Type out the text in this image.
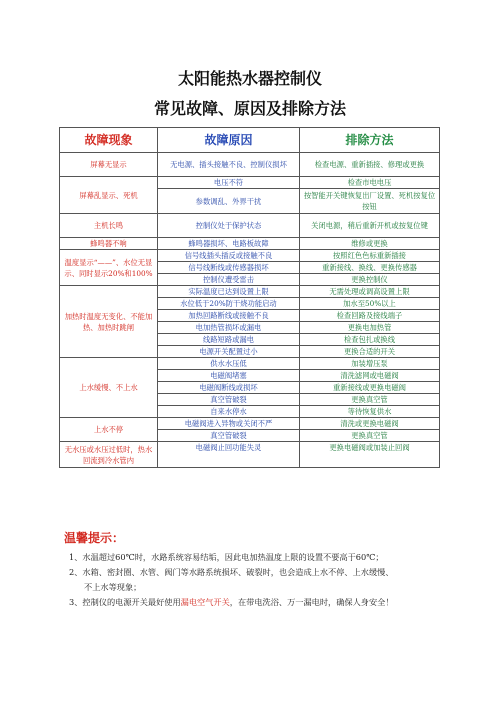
太阳能热水器控制仪
常见故障、原因及排除方法
故障现象	故障原因	排除方法
屏幕无显示	无电源、插头接触不良、控制仪损坏	检查电源、重新插接、修理或更换
屏幕乱显示、死机	电压不符	检查市电电压
	参数调乱、外界干扰	按智能开关键恢复出厂设置、死机按复位按钮
主机长鸣	控制仪处于保护状态	关闭电源，稍后重新开机或按复位键
蜂鸣器不响	蜂鸣器损坏、电路板故障	维修或更换
温度显示“——”、水位无显示、同时显示20%和100%	信号线插头插反或接触不良	按照红色色标重新插接
	信号线断线或传感器损坏	重新接线、换线、更换传感器
	控制仪遭受雷击	更换控制仪
加热时温度无变化、不能加热、加热时跳闸	实际温度已达到设置上限	无需处理或调高设置上限
	水位低于20%防干烧功能启动	加水至50%以上
	加热回路断线或接触不良	检查回路及接线端子
	电加热管损坏或漏电	更换电加热管
	线路短路或漏电	检查包扎或换线
	电源开关配置过小	更换合适的开关
上水缓慢、不上水	供水水压低	加装增压泵
	电磁阀堵塞	清洗滤网或电磁阀
	电磁阀断线或损坏	重新接线或更换电磁阀
	真空管破裂	更换真空管
	自来水停水	等待恢复供水
上水不停	电磁阀进入异物或关闭不严	清洗或更换电磁阀
	真空管破裂	更换真空管
无水压或水压过低时，热水回流到冷水管内	电磁阀止回功能失灵	更换电磁阀或加装止回阀
温馨提示：
1、水温超过60℃时，水路系统容易结垢，因此电加热温度上限的设置不要高于60℃；
2、水箱、密封圈、水管、阀门等水路系统损坏、破裂时，也会造成上水不停、上水缓慢、
不上水等现象；
3、控制仪的电源开关最好使用漏电空气开关，在带电洗浴、万一漏电时，确保人身安全！
